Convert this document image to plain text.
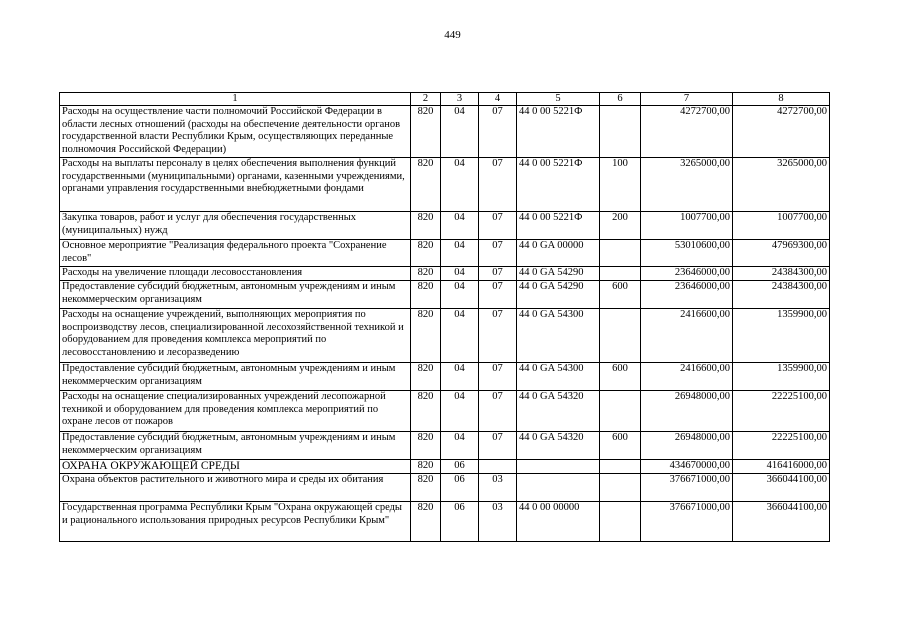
449
1	2	3	4	5	6	7	8
Расходы на осуществление части полномочий Российской Федерации в области лесных отношений (расходы на обеспечение деятельности органов государственной власти Республики Крым, осуществляющих переданные полномочия Российской Федерации)	820	04	07	44 0 00 5221Ф		4272700,00	4272700,00
Расходы на выплаты персоналу в целях обеспечения выполнения функций государственными (муниципальными) органами, казенными учреждениями, органами управления государственными внебюджетными фондами	820	04	07	44 0 00 5221Ф	100	3265000,00	3265000,00
Закупка товаров, работ и услуг для обеспечения государственных (муниципальных) нужд	820	04	07	44 0 00 5221Ф	200	1007700,00	1007700,00
Основное мероприятие "Реализация федерального проекта "Сохранение лесов"	820	04	07	44 0 GA 00000		53010600,00	47969300,00
Расходы на увеличение площади лесовосстановления	820	04	07	44 0 GA 54290		23646000,00	24384300,00
Предоставление субсидий бюджетным, автономным учреждениям и иным некоммерческим организациям	820	04	07	44 0 GA 54290	600	23646000,00	24384300,00
Расходы на оснащение учреждений, выполняющих мероприятия по воспроизводству лесов, специализированной лесохозяйственной техникой и оборудованием для проведения комплекса мероприятий по лесовосстановлению и лесоразведению	820	04	07	44 0 GA 54300		2416600,00	1359900,00
Предоставление субсидий бюджетным, автономным учреждениям и иным некоммерческим организациям	820	04	07	44 0 GA 54300	600	2416600,00	1359900,00
Расходы на оснащение специализированных учреждений лесопожарной техникой и оборудованием для проведения комплекса мероприятий по охране лесов от пожаров	820	04	07	44 0 GA 54320		26948000,00	22225100,00
Предоставление субсидий бюджетным, автономным учреждениям и иным некоммерческим организациям	820	04	07	44 0 GA 54320	600	26948000,00	22225100,00
ОХРАНА ОКРУЖАЮЩЕЙ СРЕДЫ	820	06				434670000,00	416416000,00
Охрана объектов растительного и животного мира и среды их обитания	820	06	03			376671000,00	366044100,00
Государственная программа Республики Крым "Охрана окружающей среды и рационального использования природных ресурсов Республики Крым"	820	06	03	44 0 00 00000		376671000,00	366044100,00
